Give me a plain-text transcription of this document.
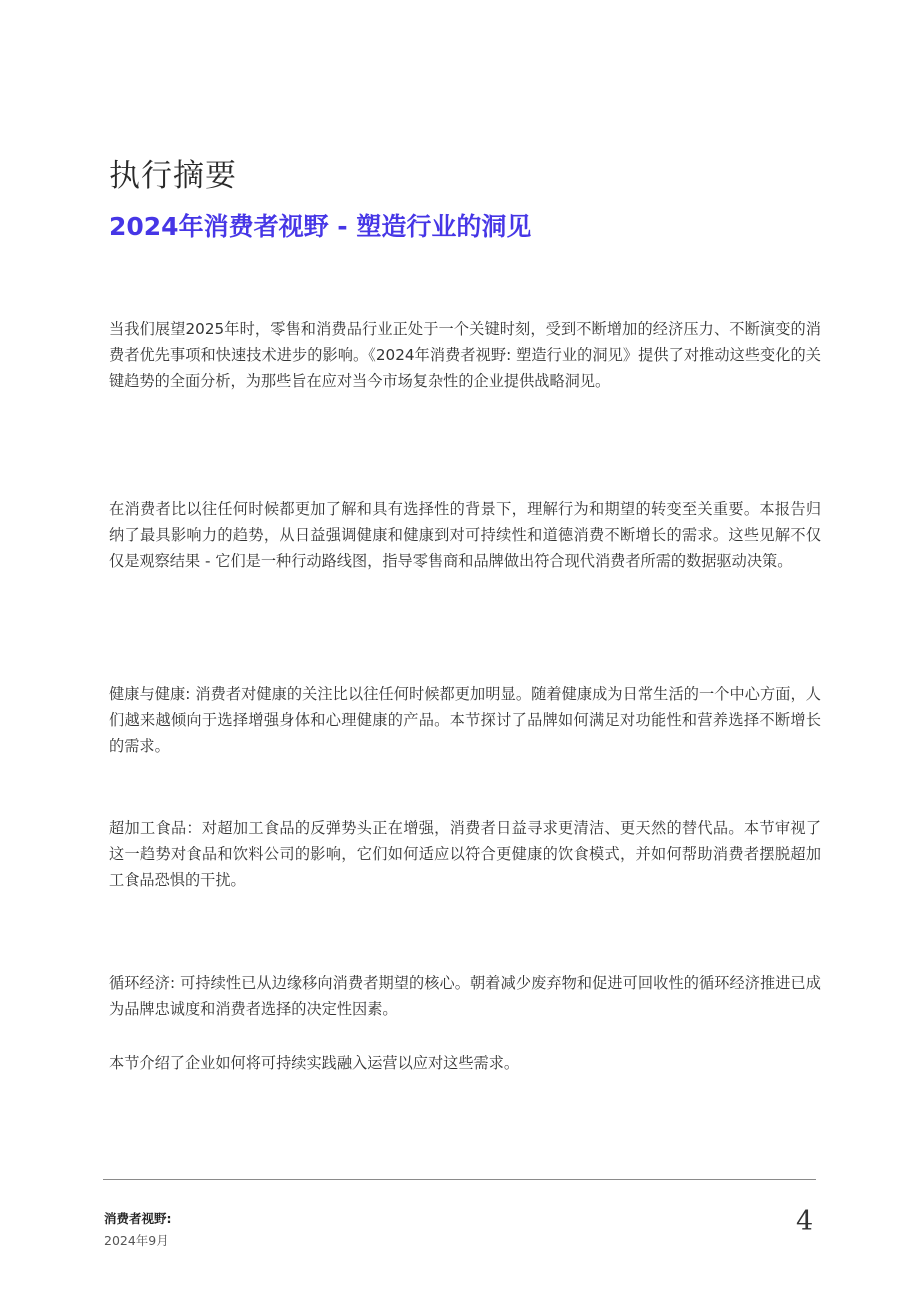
执行摘要
2024年消费者视野 - 塑造行业的洞见

当我们展望2025年时，零售和消费品行业正处于一个关键时刻，受到不断增加的经济压力、不断演变的消费者优先事项和快速技术进步的影响。《2024年消费者视野: 塑造行业的洞见》提供了对推动这些变化的关键趋势的全面分析，为那些旨在应对当今市场复杂性的企业提供战略洞见。

在消费者比以往任何时候都更加了解和具有选择性的背景下，理解行为和期望的转变至关重要。本报告归纳了最具影响力的趋势，从日益强调健康和健康到对可持续性和道德消费不断增长的需求。这些见解不仅仅是观察结果 - 它们是一种行动路线图，指导零售商和品牌做出符合现代消费者所需的数据驱动决策。

健康与健康: 消费者对健康的关注比以往任何时候都更加明显。随着健康成为日常生活的一个中心方面，人们越来越倾向于选择增强身体和心理健康的产品。本节探讨了品牌如何满足对功能性和营养选择不断增长的需求。

超加工食品：对超加工食品的反弹势头正在增强，消费者日益寻求更清洁、更天然的替代品。本节审视了这一趋势对食品和饮料公司的影响，它们如何适应以符合更健康的饮食模式，并如何帮助消费者摆脱超加工食品恐惧的干扰。

循环经济: 可持续性已从边缘移向消费者期望的核心。朝着减少废弃物和促进可回收性的循环经济推进已成为品牌忠诚度和消费者选择的决定性因素。

本节介绍了企业如何将可持续实践融入运营以应对这些需求。

消费者视野:

2024年9月

4
